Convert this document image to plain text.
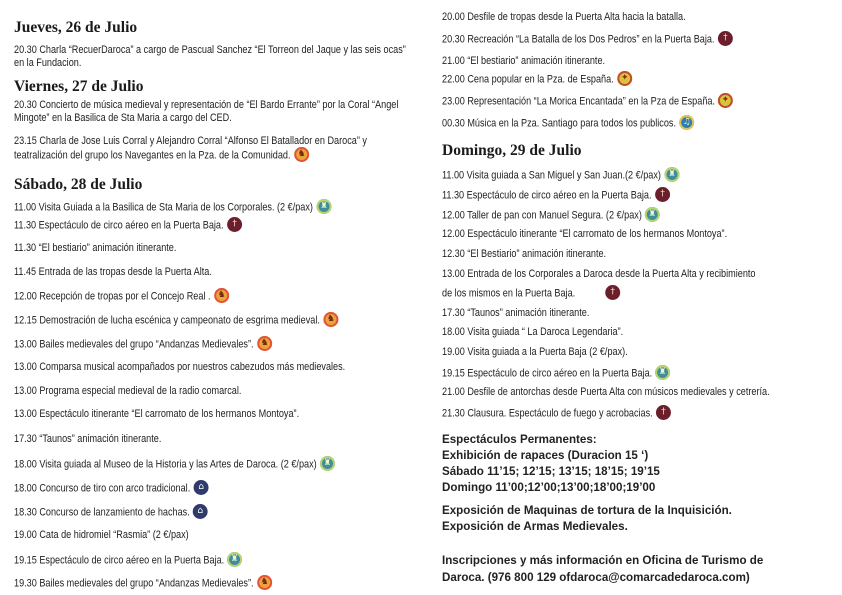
Jueves, 26 de Julio
20.30 Charla “RecuerDaroca” a cargo de Pascual Sanchez “El Torreon del Jaque y las seis ocas” en la Fundacion.
Viernes, 27 de Julio
20.30 Concierto de música medieval y representación de “El Bardo Errante” por la Coral “Angel Mingote” en la Basilica de Sta Maria a cargo del CED.
23.15 Charla de Jose Luis Corral y Alejandro Corral “Alfonso El Batallador en Daroca” y teatralización del grupo los Navegantes en la Pza. de la Comunidad. ♞
Sábado, 28 de Julio
11.00 Visita Guiada a la Basilica de Sta Maria de los Corporales. (2 €/pax) ♜
11.30 Espectáculo de circo aéreo en la Puerta Baja. †
11.30 “El bestiario” animación itinerante.
11.45 Entrada de las tropas desde la Puerta Alta.
12.00 Recepción de tropas por el Concejo Real . ♞
12.15 Demostración de lucha escénica y campeonato de esgrima medieval. ♞
13.00 Bailes medievales del grupo “Andanzas Medievales”. ♞
13.00 Comparsa musical acompañados por nuestros cabezudos más medievales.
13.00 Programa especial medieval de la radio comarcal.
13.00 Espectáculo itinerante “El carromato de los hermanos Montoya”.
17.30 “Taunos” animación itinerante.
18.00 Visita guiada al Museo de la Historia y las Artes de Daroca. (2 €/pax) ♜
18.00 Concurso de tiro con arco tradicional. ⌂
18.30 Concurso de lanzamiento de hachas. ⌂
19.00 Cata de hidromiel “Rasmia” (2 €/pax)
19.15 Espectáculo de circo aéreo en la Puerta Baja. ♜
19.30 Bailes medievales del grupo “Andanzas Medievales”. ♞
20.00 Desfile de tropas desde la Puerta Alta hacia la batalla.
20.30 Recreación “La Batalla de los Dos Pedros” en la Puerta Baja. †
21.00 “El bestiario” animación itinerante.
22.00 Cena popular en la Pza. de España. ✦
23.00 Representación “La Morica Encantada” en la Pza de España. ✦
00.30 Música en la Pza. Santiago para todos los publicos. ♫
Domingo, 29 de Julio
11.00 Visita guiada a San Miguel y San Juan.(2 €/pax) ♜
11.30 Espectáculo de circo aéreo en la Puerta Baja. †
12.00 Taller de pan con Manuel Segura. (2 €/pax) ♜
12.00 Espectáculo itinerante “El carromato de los hermanos Montoya”.
12.30 “El Bestiario” animación itinerante.
13.00 Entrada de los Corporales a Daroca desde la Puerta Alta y recibimiento
de los mismos en la Puerta Baja.	†
17.30 “Taunos” animación itinerante.
18.00 Visita guiada “ La Daroca Legendaria”.
19.00 Visita guiada a la Puerta Baja (2 €/pax).
19.15 Espectáculo de circo aéreo en la Puerta Baja. ♜
21.00 Desfile de antorchas desde Puerta Alta con músicos medievales y cetrería.
21.30 Clausura. Espectáculo de fuego y acrobacias. †
Espectáculos Permanentes:
Exhibición de rapaces (Duracion 15 ‘)
Sábado 11’15; 12’15; 13’15; 18’15; 19’15
Domingo 11’00;12’00;13’00;18’00;19’00
Exposición de Maquinas de tortura de la Inquisición.
Exposición de Armas Medievales.
Inscripciones y más información en Oficina de Turismo de
Daroca. (976 800 129 ofdaroca@comarcadedaroca.com)
